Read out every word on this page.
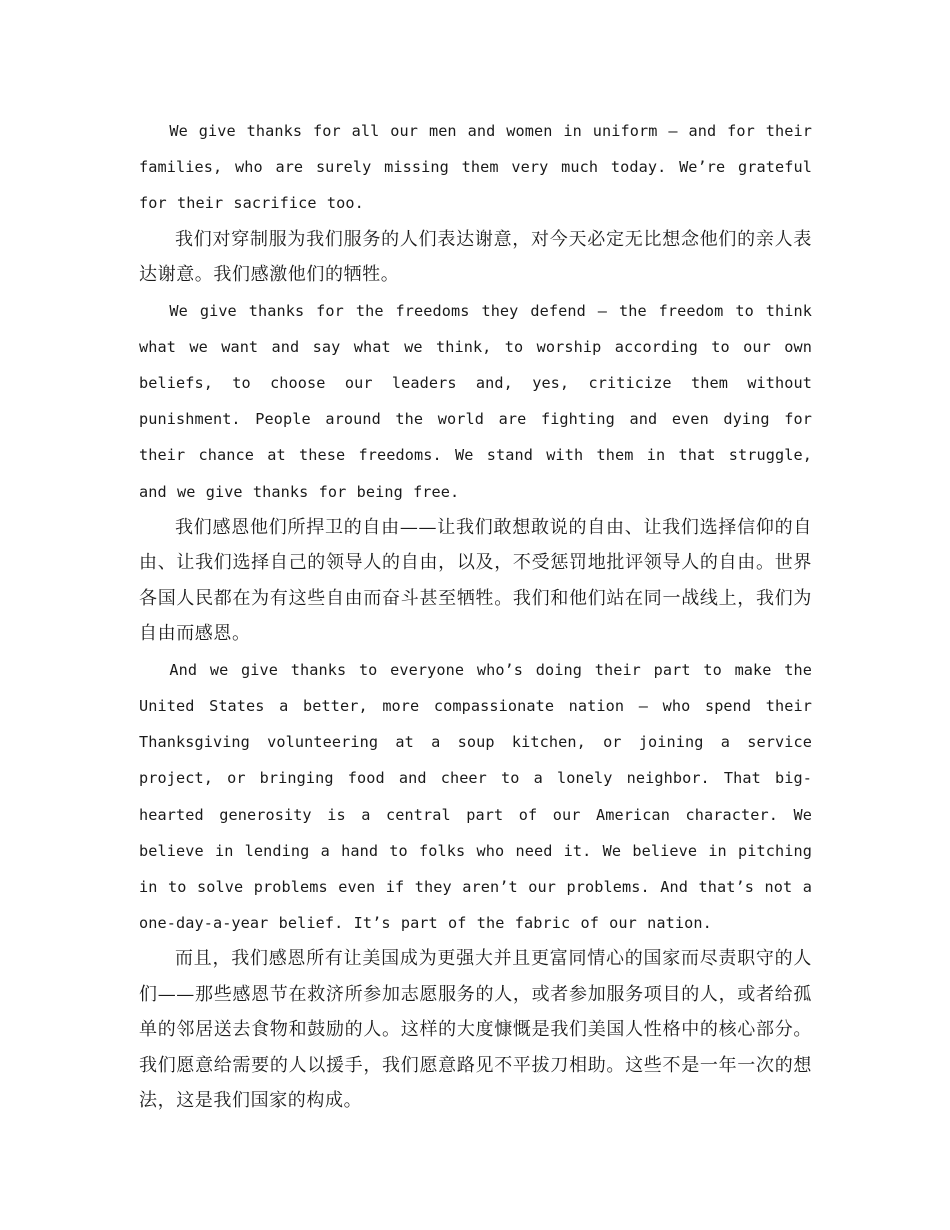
We give thanks for all our men and women in uniform – and for their families, who are surely missing them very much today. We’re grateful for their sacrifice too.

我们对穿制服为我们服务的人们表达谢意，对今天必定无比想念他们的亲人表达谢意。我们感激他们的牺牲。

We give thanks for the freedoms they defend – the freedom to think what we want and say what we think, to worship according to our own beliefs, to choose our leaders and, yes, criticize them without punishment. People around the world are fighting and even dying for their chance at these freedoms. We stand with them in that struggle, and we give thanks for being free.

我们感恩他们所捍卫的自由——让我们敢想敢说的自由、让我们选择信仰的自由、让我们选择自己的领导人的自由，以及，不受惩罚地批评领导人的自由。世界各国人民都在为有这些自由而奋斗甚至牺牲。我们和他们站在同一战线上，我们为自由而感恩。

And we give thanks to everyone who’s doing their part to make the United States a better, more compassionate nation – who spend their Thanksgiving volunteering at a soup kitchen, or joining a service project, or bringing food and cheer to a lonely neighbor. That big-hearted generosity is a central part of our American character. We believe in lending a hand to folks who need it. We believe in pitching in to solve problems even if they aren’t our problems. And that’s not a one-day-a-year belief. It’s part of the fabric of our nation.

而且，我们感恩所有让美国成为更强大并且更富同情心的国家而尽责职守的人们——那些感恩节在救济所参加志愿服务的人，或者参加服务项目的人，或者给孤单的邻居送去食物和鼓励的人。这样的大度慷慨是我们美国人性格中的核心部分。我们愿意给需要的人以援手，我们愿意路见不平拔刀相助。这些不是一年一次的想法，这是我们国家的构成。
